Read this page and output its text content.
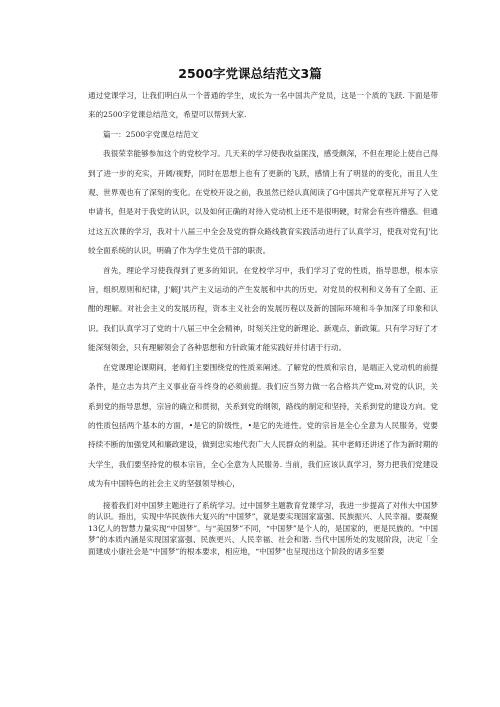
2500字党课总结范文3篇

通过党课学习，让我们明白从一个普通的学生，成长为一名中国共产党员，这是一个质的飞跃. 下面是带来的2500字党课总结范文，希望可以帮到大家.

篇一：2500字党课总结范文

我很荣幸能够参加这个的党校学习。几天来的学习使我收益匪浅，感受颇深，不但在理论上使自己得到了进一步的充实，开阔/视野，同时在思想上也有了更新的飞跃，感情上有了明显的的变化，而且人生观、世界观也有了深刻的变化。在党校开设之前，我虽然已经认真阅读了G中国共产党章程瓦并写了入党申请书，但是对于我党的认识，以及如何正确的对待入党动机上还不是很明硬，时常会有些许懵惑。但通过这五次课的学习，我对十八届三中全会及党的群众路线教育实践活动进行了认真学习，使我对党有J'比较全面系统的认识，明确了作为学生党员干部的职责。

首先，理论学习使我得到了更多的知识。在党校学习中，我们学习了党的性质，指导思想，根本宗旨，组织原则和纪律，J'解J'共产主义运动的产生发展和中共的历史。对党员的权利和义务有了全面、正酣的理解。对社会主义的发展历程，资本主义社会的发展历程以及新的国际环境和斗争加深了印象和认识。我们认真学习了党的十八届三中全会精神，时刻关注党的新理论、新观点、新政策。只有学习好了才能深刻领会，只有理解领会了各种思想和方针政策才能实践好并付诸于行动。

在党课理论课期间，老师们主要围绕党的性质来阐述。了解党的性质和宗自，是端正入党动机的前提条件，是立志为共产主义事业奋斗终身的必须前提。我们应当努力做一名合格共产党m,对党的认识，关系到党的指导思想，宗旨的确立和贯彻，关系到党的纲领，路线的制定和坚持，关系到党的建设方向。党的性质包括两个基本的方面，•是它的阶级性，•是它的先进性。党的宗旨是全心全意为人民服务，党要持续不断的加强党风和廉政建设，做到忠实地代表广大人民群众的利益。其中老师还讲述了作为新时期的大学生，我们要坚持党的根本宗旨，全心全意为人民服务. 当前，我们应该认真学习，努力把我们党建设成为有中国特色的社会主义的坚强领导核心，

接着我们对中国梦主题进行了系统学习。过中国梦主题教育党课学习，我进一步提高了对伟大中国梦的认识。指出，实现中华民族伟大复兴的“中国梦”，就是要实现国家富强、民族振兴、人民幸福。要凝聚13亿人的智慧力量实现“中国梦”。与“美国梦”不同，“中国梦”是个人的，是国家的，更是民族的。“中国梦”的本质内涵是实现国家富强、民族更兴、人民幸福、社会和谐. 当代中国所处的发展阶段，决定「全面建成小康社会是“中国梦”的根本要求，相应地，“中国梦”也呈现出这个阶段的诸多至要
